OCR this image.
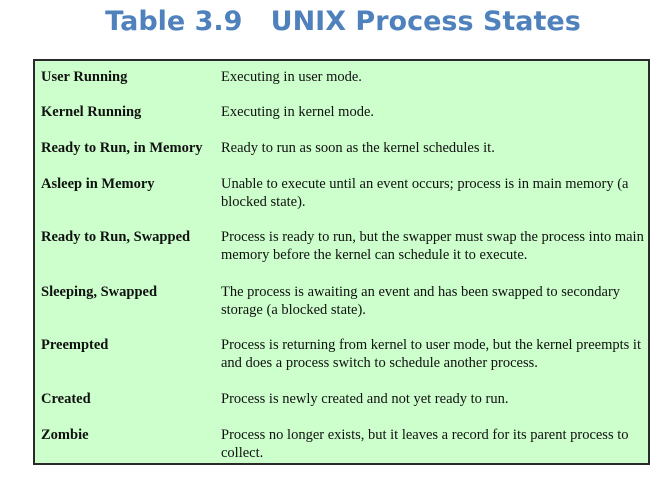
Table 3.9   UNIX Process States
User Running	Executing in user mode.
Kernel Running	Executing in kernel mode.
Ready to Run, in Memory	Ready to run as soon as the kernel schedules it.
Asleep in Memory	Unable to execute until an event occurs; process is in main memory (a blocked state).
Ready to Run, Swapped	Process is ready to run, but the swapper must swap the process into main memory before the kernel can schedule it to execute.
Sleeping, Swapped	The process is awaiting an event and has been swapped to secondary storage (a blocked state).
Preempted	Process is returning from kernel to user mode, but the kernel preempts it and does a process switch to schedule another process.
Created	Process is newly created and not yet ready to run.
Zombie	Process no longer exists, but it leaves a record for its parent process to collect.
